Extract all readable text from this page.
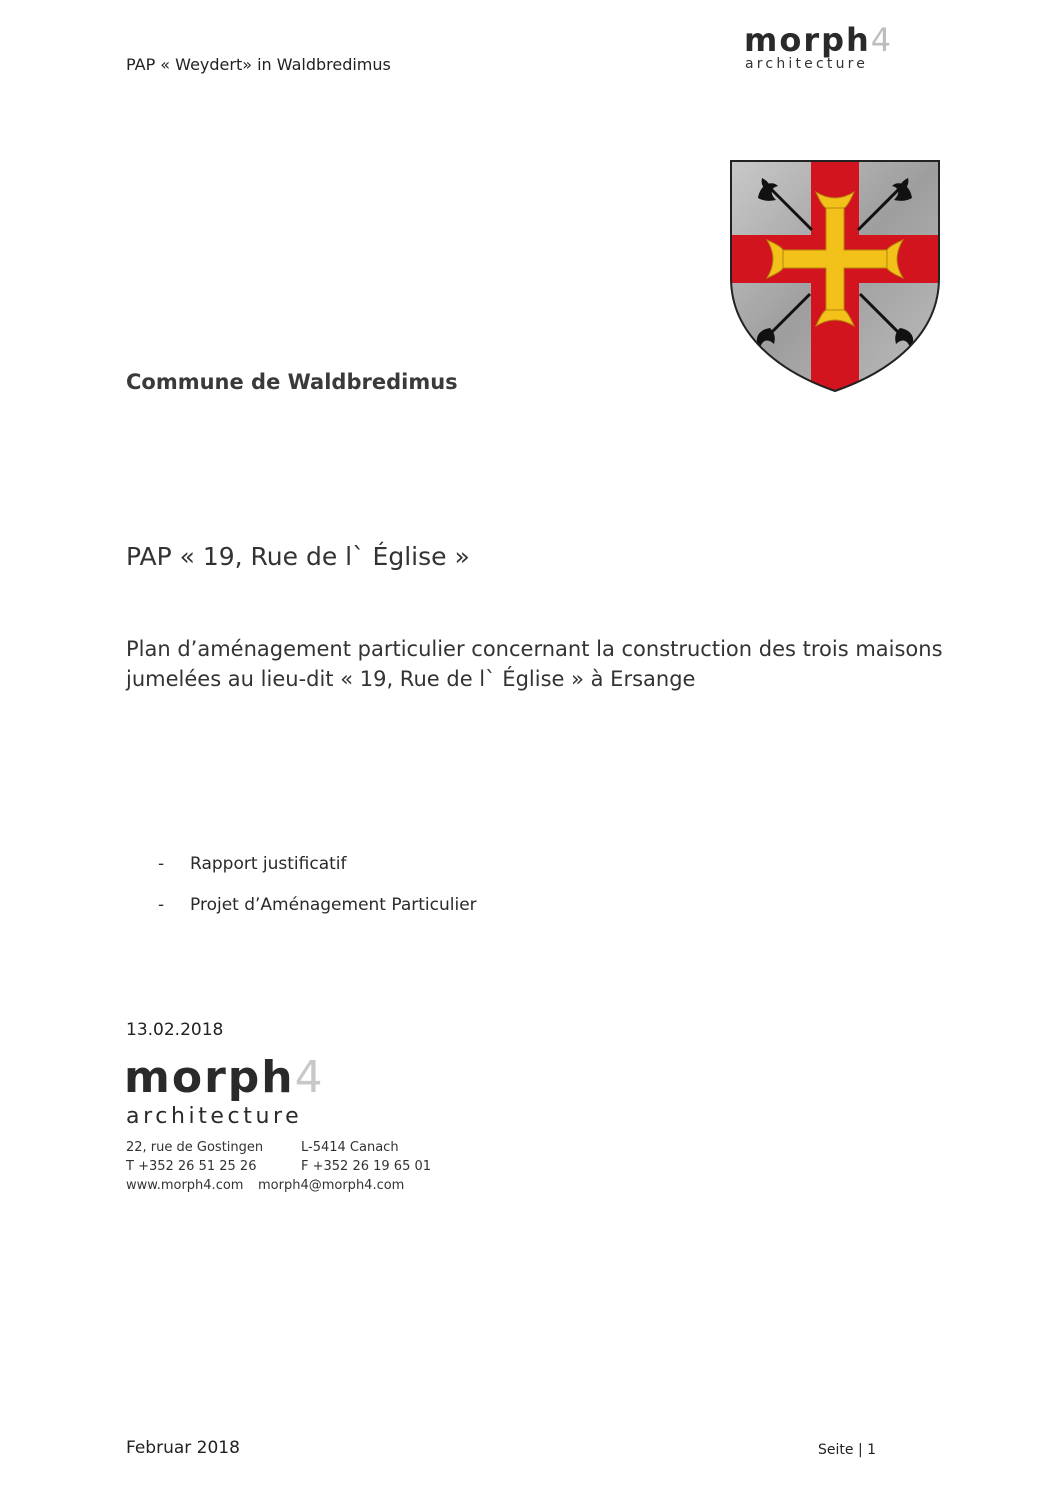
PAP « Weydert» in Waldbredimus
morph4
architecture
Commune de Waldbredimus
PAP « 19, Rue de l` Église »
Plan d’aménagement particulier concernant la construction des trois maisons
jumelées au lieu-dit « 19, Rue de l` Église » à Ersange
- Rapport justificatif
- Projet d’Aménagement Particulier
13.02.2018
morph4
architecture
22, rue de Gostingen	L-5414 Canach
T +352 26 51 25 26	F +352 26 19 65 01
www.morph4.com morph4@morph4.com
Februar 2018	Seite | 1
